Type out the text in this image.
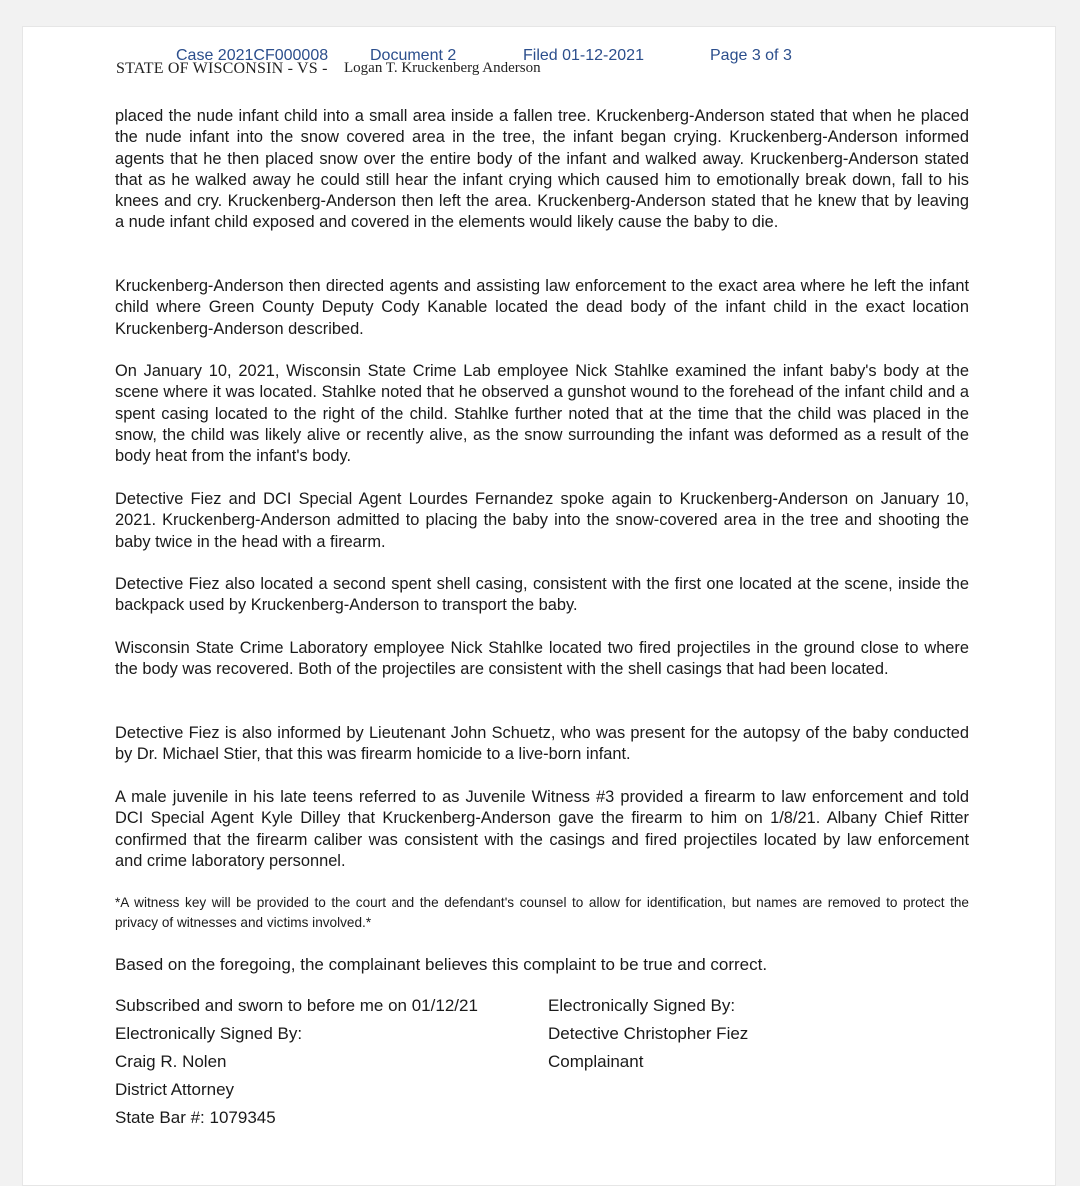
Case 2021CF000008	Document 2	Filed 01-12-2021	Page 3 of 3
STATE OF WISCONSIN - VS - Logan T. Kruckenberg Anderson

placed the nude infant child into a small area inside a fallen tree. Kruckenberg-Anderson stated that when he placed the nude infant into the snow covered area in the tree, the infant began crying. Kruckenberg-Anderson informed agents that he then placed snow over the entire body of the infant and walked away. Kruckenberg-Anderson stated that as he walked away he could still hear the infant crying which caused him to emotionally break down, fall to his knees and cry. Kruckenberg-Anderson then left the area. Kruckenberg-Anderson stated that he knew that by leaving a nude infant child exposed and covered in the elements would likely cause the baby to die.

Kruckenberg-Anderson then directed agents and assisting law enforcement to the exact area where he left the infant child where Green County Deputy Cody Kanable located the dead body of the infant child in the exact location Kruckenberg-Anderson described.

On January 10, 2021, Wisconsin State Crime Lab employee Nick Stahlke examined the infant baby's body at the scene where it was located. Stahlke noted that he observed a gunshot wound to the forehead of the infant child and a spent casing located to the right of the child. Stahlke further noted that at the time that the child was placed in the snow, the child was likely alive or recently alive, as the snow surrounding the infant was deformed as a result of the body heat from the infant's body.

Detective Fiez and DCI Special Agent Lourdes Fernandez spoke again to Kruckenberg-Anderson on January 10, 2021. Kruckenberg-Anderson admitted to placing the baby into the snow-covered area in the tree and shooting the baby twice in the head with a firearm.

Detective Fiez also located a second spent shell casing, consistent with the first one located at the scene, inside the backpack used by Kruckenberg-Anderson to transport the baby.

Wisconsin State Crime Laboratory employee Nick Stahlke located two fired projectiles in the ground close to where the body was recovered. Both of the projectiles are consistent with the shell casings that had been located.

Detective Fiez is also informed by Lieutenant John Schuetz, who was present for the autopsy of the baby conducted by Dr. Michael Stier, that this was firearm homicide to a live-born infant.

A male juvenile in his late teens referred to as Juvenile Witness #3 provided a firearm to law enforcement and told DCI Special Agent Kyle Dilley that Kruckenberg-Anderson gave the firearm to him on 1/8/21. Albany Chief Ritter confirmed that the firearm caliber was consistent with the casings and fired projectiles located by law enforcement and crime laboratory personnel.

*A witness key will be provided to the court and the defendant's counsel to allow for identification, but names are removed to protect the privacy of witnesses and victims involved.*

Based on the foregoing, the complainant believes this complaint to be true and correct.

Subscribed and sworn to before me on 01/12/21
Electronically Signed By:
Craig R. Nolen
District Attorney
State Bar #: 1079345
Electronically Signed By:
Detective Christopher Fiez
Complainant
